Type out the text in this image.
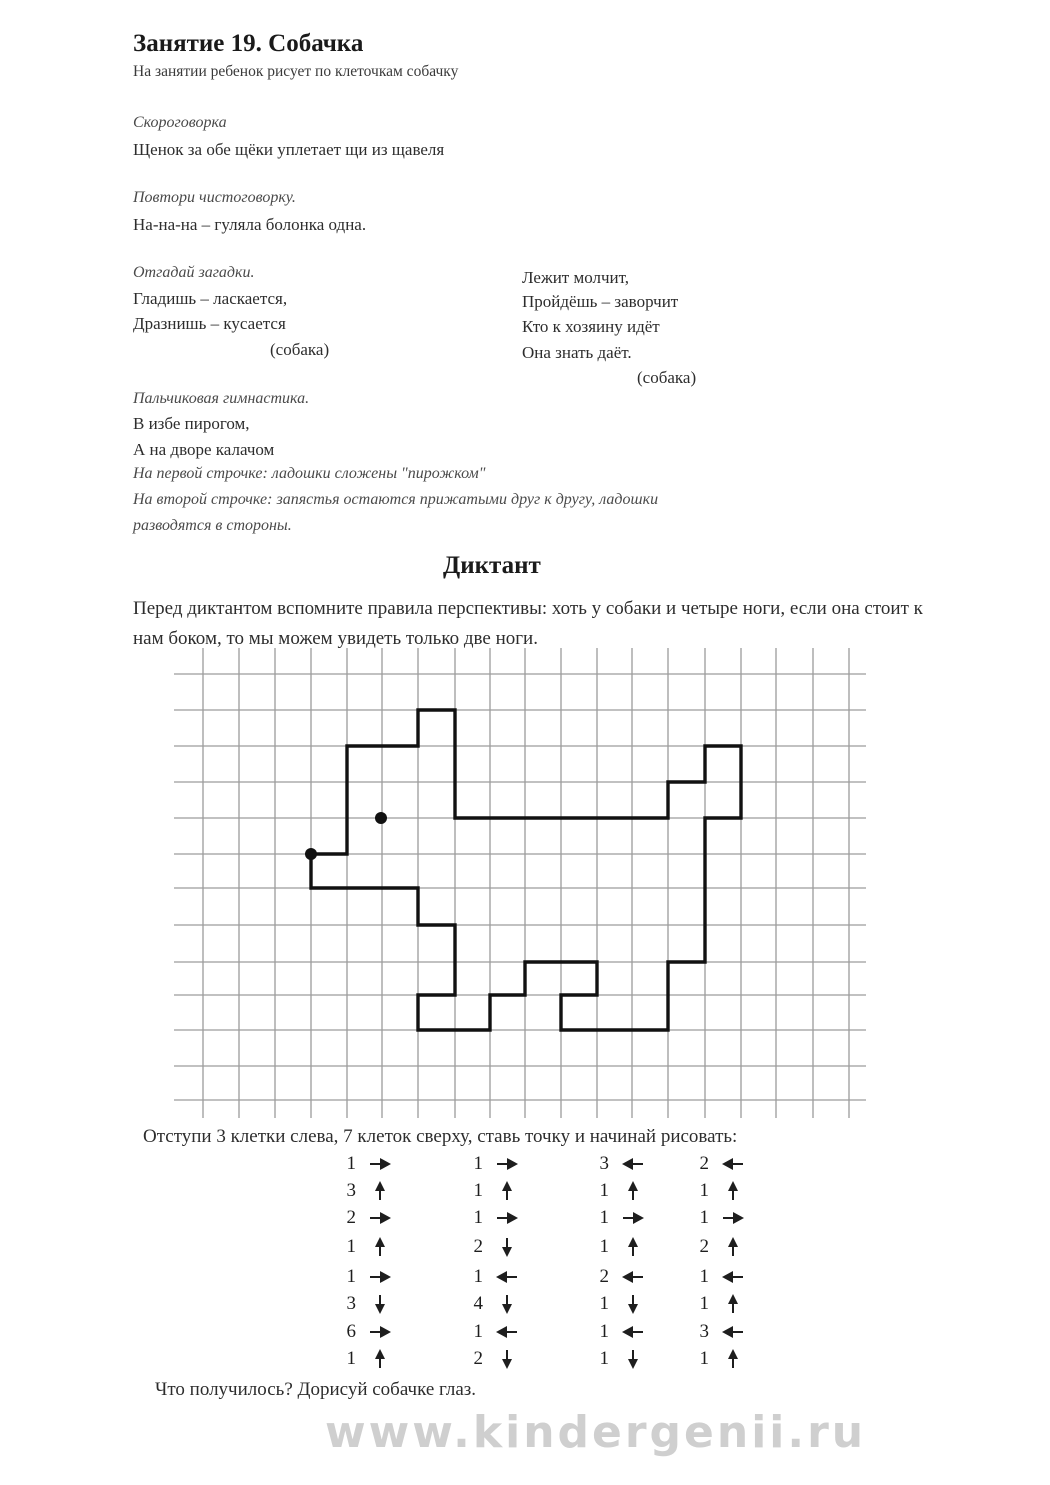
Занятие 19. Собачка
На занятии ребенок рисует по клеточкам собачку
Скороговорка
Щенок за обе щёки уплетает щи из щавеля
Повтори чистоговорку.
На-на-на – гуляла болонка одна.
Отгадай загадки.
Гладишь – ласкается,
Дразнишь – кусается
(собака)
Лежит молчит,
Пройдёшь – заворчит
Кто к хозяину идёт
Она знать даёт.
(собака)
Пальчиковая гимнастика.
В избе пирогом,
А на дворе калачом
На первой строчке: ладошки сложены "пирожком"
На второй строчке: запястья остаются прижатыми друг к другу, ладошки
разводятся в стороны.
Диктант
Перед диктантом вспомните правила перспективы: хоть у собаки и четыре ноги, если она стоит к нам боком, то мы можем увидеть только две ноги.
Отступи 3 клетки слева, 7 клеток сверху, ставь точку и начинай рисовать:
1
3
2
1
1
3
6
1
1
1
1
2
1
4
1
2
3
1
1
1
2
1
1
1
2
1
1
2
1
1
3
1
Что получилось? Дорисуй собачке глаз.
www.kindergenii.ru
